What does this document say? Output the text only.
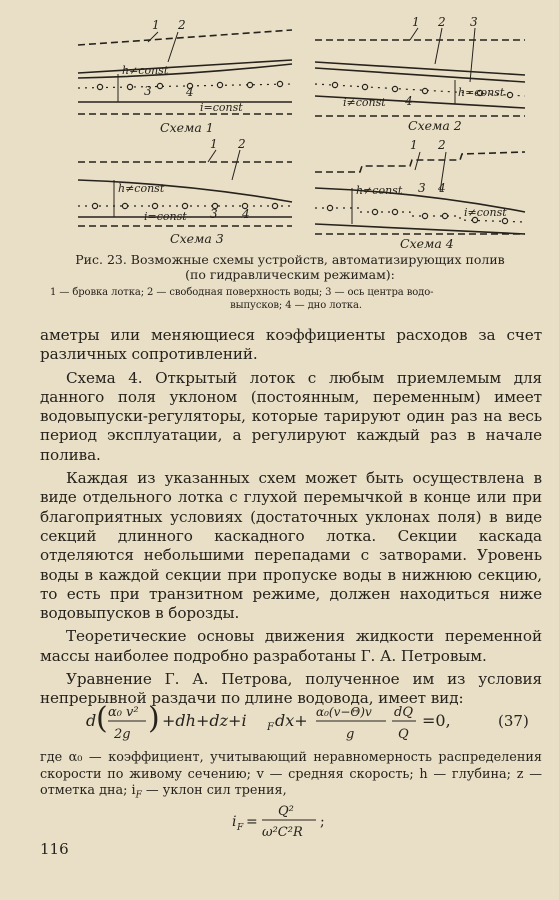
1 2
h≠const
3	4
i=const
Схема 1
1 2 3
i≠const 4
h=const
Схема 2
1 2
h≠const
i=const 3 4
Схема 3
1 2
h≠const 3 4
i≠const
Схема 4
Рис. 23. Возможные схемы устройств, автоматизирующих полив
(по гидравлическим режимам):
1 — бровка лотка; 2 — свободная поверхность воды; 3 — ось центра водо-
выпусков; 4 — дно лотка.

аметры или меняющиеся коэффициенты расходов за счет различных сопротивлений.

Схема 4. Открытый лоток с любым приемлемым для данного поля уклоном (постоянным, переменным) имеет водовыпуски-регуляторы, которые тарируют один раз на весь период эксплуатации, а регулируют каждый раз в начале полива.

Каждая из указанных схем может быть осуществлена в виде отдельного лотка с глухой перемычкой в конце или при благоприятных условиях (достаточных уклонах поля) в виде секций длинного каскадного лотка. Секции каскада отделяются небольшими перепадами с затворами. Уровень воды в каждой секции при пропуске воды в нижнюю секцию, то есть при транзитном режиме, должен находиться ниже водовыпусков в борозды.

Теоретические основы движения жидкости переменной массы наиболее подробно разработаны Г. А. Петровым.

Уравнение Г. А. Петрова, полученное им из условия непрерывной раздачи по длине водовода, имеет вид:

d ( α₀ v²
2g ) +dh+dz+i F dx+ α₀(v−Θ)v
g
dQ
Q
=0,	(37)

где α₀ — коэффициент, учитывающий неравномерность распределения скорости по живому сечению; v — средняя скорость; h — глубина; z — отметка дна; $i_F$ — уклон сил трения,

i F =
Q²
ω²C²R
;
116
